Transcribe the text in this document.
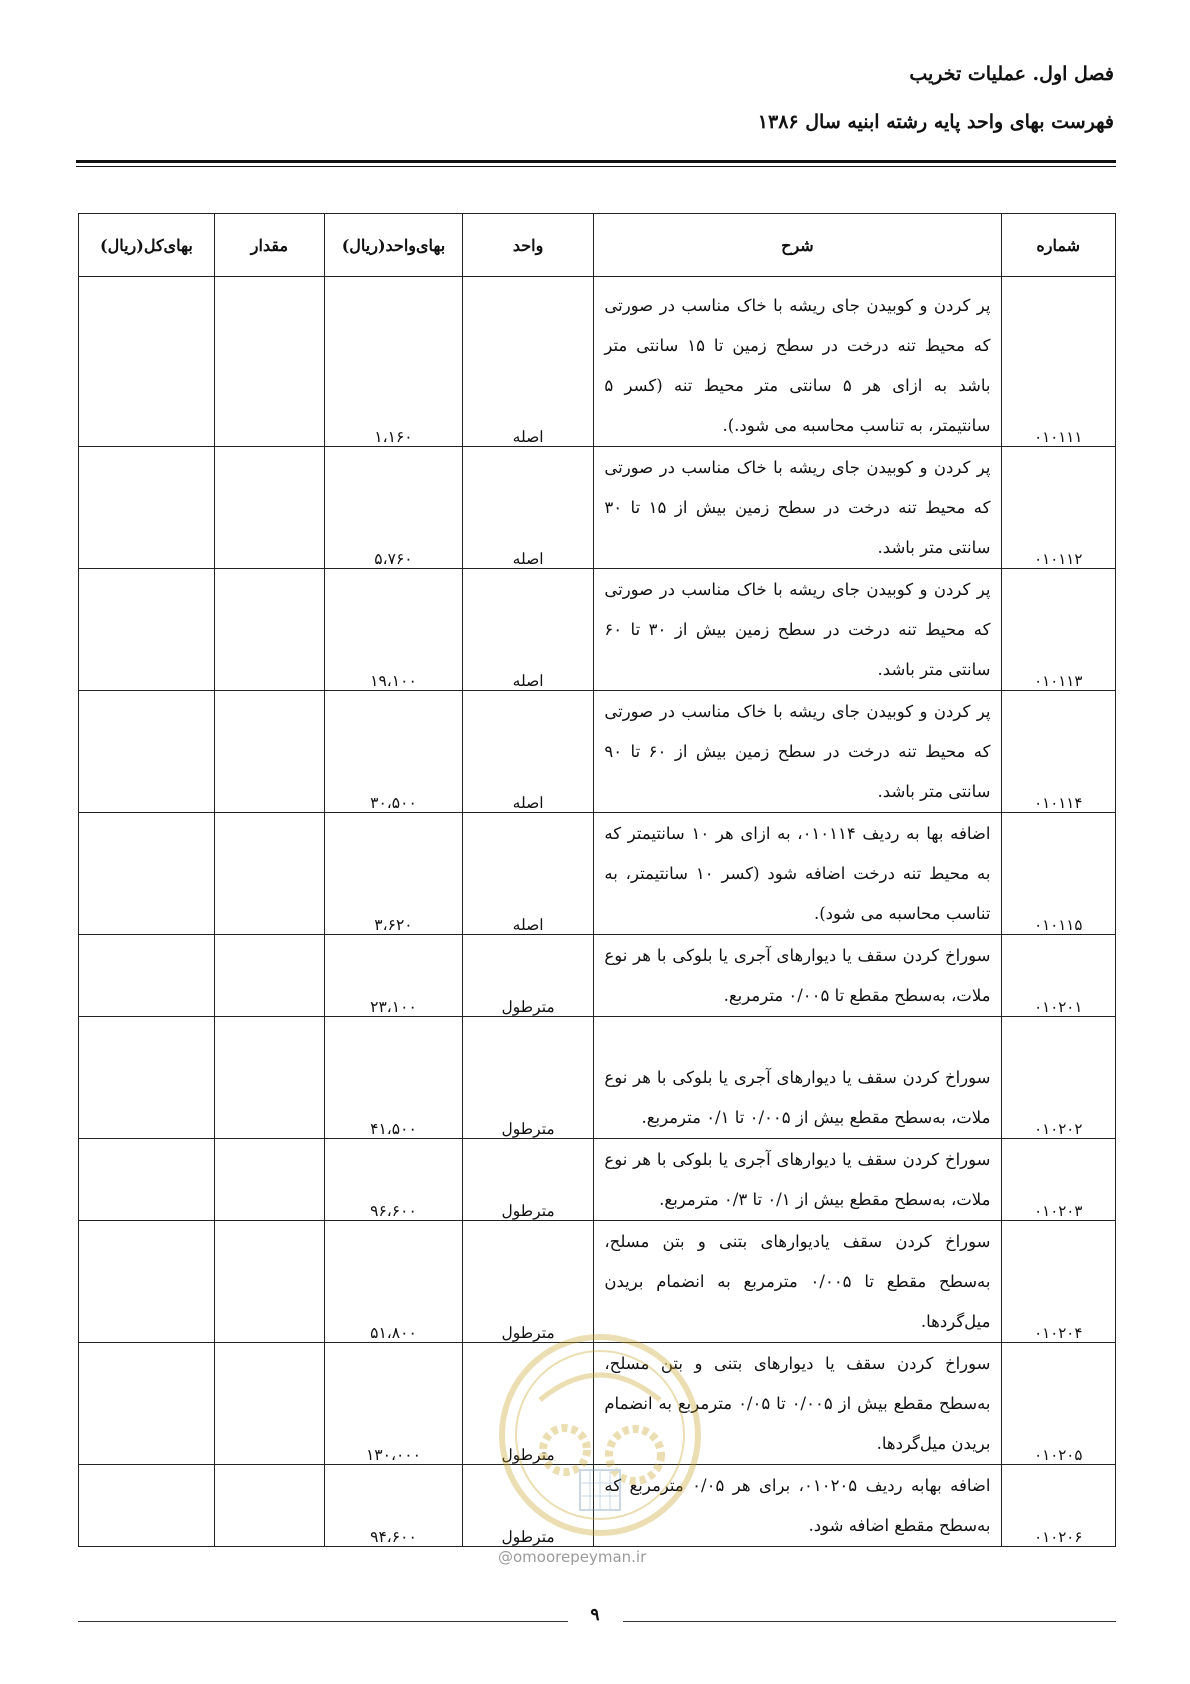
فصل اول. عملیات تخریب
فهرست بهای واحد پایه رشته ابنیه سال ۱۳۸۶
شماره	شرح	واحد	بهای‌واحد(ریال)	مقدار	بهای‌کل(ریال)
۰۱۰۱۱۱	پر کردن و کوبیدن جای ریشه با خاک مناسب در صورتی که محیط تنه درخت در سطح زمین تا ۱۵ سانتی متر باشد به ازای هر ۵ سانتی متر محیط تنه (کسر ۵ سانتیمتر، به تناسب محاسبه می شود.).	اصله	۱،۱۶۰		
۰۱۰۱۱۲	پر کردن و کوبیدن جای ریشه با خاک مناسب در صورتی که محیط تنه درخت در سطح زمین بیش از ۱۵ تا ۳۰ سانتی متر باشد.	اصله	۵،۷۶۰		
۰۱۰۱۱۳	پر کردن و کوبیدن جای ریشه با خاک مناسب در صورتی که محیط تنه درخت در سطح زمین بیش از ۳۰ تا ۶۰ سانتی متر باشد.	اصله	۱۹،۱۰۰		
۰۱۰۱۱۴	پر کردن و کوبیدن جای ریشه با خاک مناسب در صورتی که محیط تنه درخت در سطح زمین بیش از ۶۰ تا ۹۰ سانتی متر باشد.	اصله	۳۰،۵۰۰		
۰۱۰۱۱۵	اضافه بها به ردیف ۰۱۰۱۱۴، به ازای هر ۱۰ سانتیمتر که به محیط تنه درخت اضافه شود (کسر ۱۰ سانتیمتر، به تناسب محاسبه می شود).	اصله	۳،۶۲۰		
۰۱۰۲۰۱	سوراخ کردن سقف یا دیوارهای آجری یا بلوکی با هر نوع ملات، به‌سطح مقطع تا ۰/۰۰۵ مترمربع.	مترطول	۲۳،۱۰۰		
۰۱۰۲۰۲	سوراخ کردن سقف یا دیوارهای آجری یا بلوکی با هر نوع ملات، به‌سطح مقطع بیش از ۰/۰۰۵ تا ۰/۱ مترمربع.	مترطول	۴۱،۵۰۰		
۰۱۰۲۰۳	سوراخ کردن سقف یا دیوارهای آجری یا بلوکی با هر نوع ملات، به‌سطح مقطع بیش از ۰/۱ تا ۰/۳ مترمربع.	مترطول	۹۶،۶۰۰		
۰۱۰۲۰۴	سوراخ کردن سقف یادیوارهای بتنی و بتن مسلح، به‌سطح مقطع تا ۰/۰۰۵ مترمربع به انضمام بریدن میل‌گردها.	مترطول	۵۱،۸۰۰		
۰۱۰۲۰۵	سوراخ کردن سقف یا دیوارهای بتنی و بتن مسلح، به‌سطح مقطع بیش از ۰/۰۰۵ تا ۰/۰۵ مترمربع به انضمام بریدن میل‌گردها.	مترطول	۱۳۰،۰۰۰		
۰۱۰۲۰۶	اضافه بهابه ردیف ۰۱۰۲۰۵، برای هر ۰/۰۵ مترمربع که به‌سطح مقطع اضافه شود.	مترطول	۹۴،۶۰۰		
@omoorepeyman.ir
۹
